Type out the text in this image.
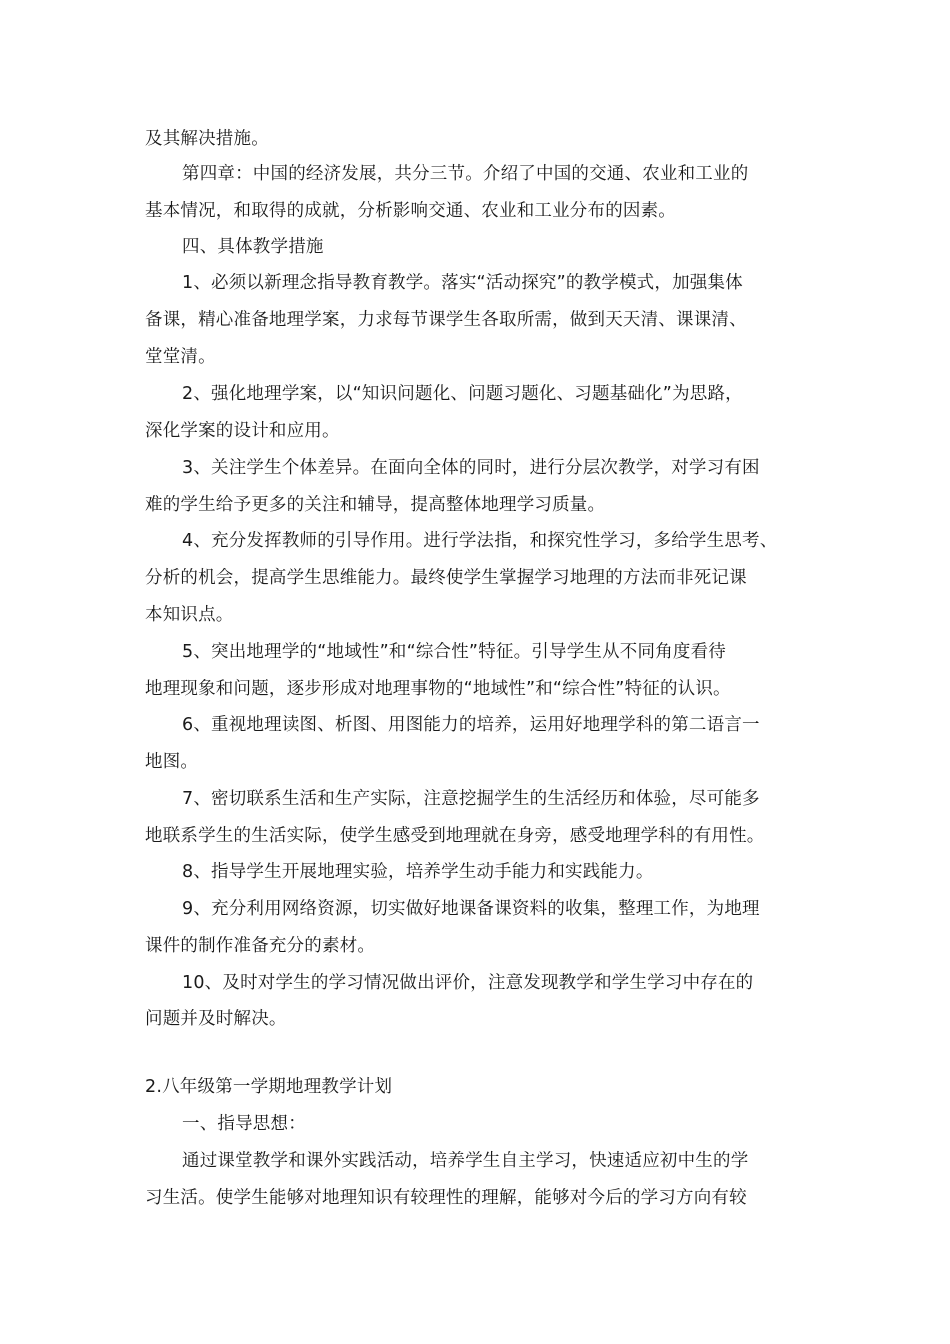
及其解决措施。
第四章：中国的经济发展，共分三节。介绍了中国的交通、农业和工业的
基本情况，和取得的成就，分析影响交通、农业和工业分布的因素。
四、具体教学措施
1、必须以新理念指导教育教学。落实“活动探究”的教学模式，加强集体
备课，精心准备地理学案，力求每节课学生各取所需，做到天天清、课课清、
堂堂清。
2、强化地理学案，以“知识问题化、问题习题化、习题基础化”为思路，
深化学案的设计和应用。
3、关注学生个体差异。在面向全体的同时，进行分层次教学，对学习有困
难的学生给予更多的关注和辅导，提高整体地理学习质量。
4、充分发挥教师的引导作用。进行学法指，和探究性学习，多给学生思考、
分析的机会，提高学生思维能力。最终使学生掌握学习地理的方法而非死记课
本知识点。
5、突出地理学的“地域性”和“综合性”特征。引导学生从不同角度看待
地理现象和问题，逐步形成对地理事物的“地域性”和“综合性”特征的认识。
6、重视地理读图、析图、用图能力的培养，运用好地理学科的第二语言一
地图。
7、密切联系生活和生产实际，注意挖掘学生的生活经历和体验，尽可能多
地联系学生的生活实际，使学生感受到地理就在身旁，感受地理学科的有用性。
8、指导学生开展地理实验，培养学生动手能力和实践能力。
9、充分利用网络资源，切实做好地课备课资料的收集，整理工作，为地理
课件的制作准备充分的素材。
10、及时对学生的学习情况做出评价，注意发现教学和学生学习中存在的
问题并及时解决。
2.八年级第一学期地理教学计划
一、指导思想：
通过课堂教学和课外实践活动，培养学生自主学习，快速适应初中生的学
习生活。使学生能够对地理知识有较理性的理解，能够对今后的学习方向有较
